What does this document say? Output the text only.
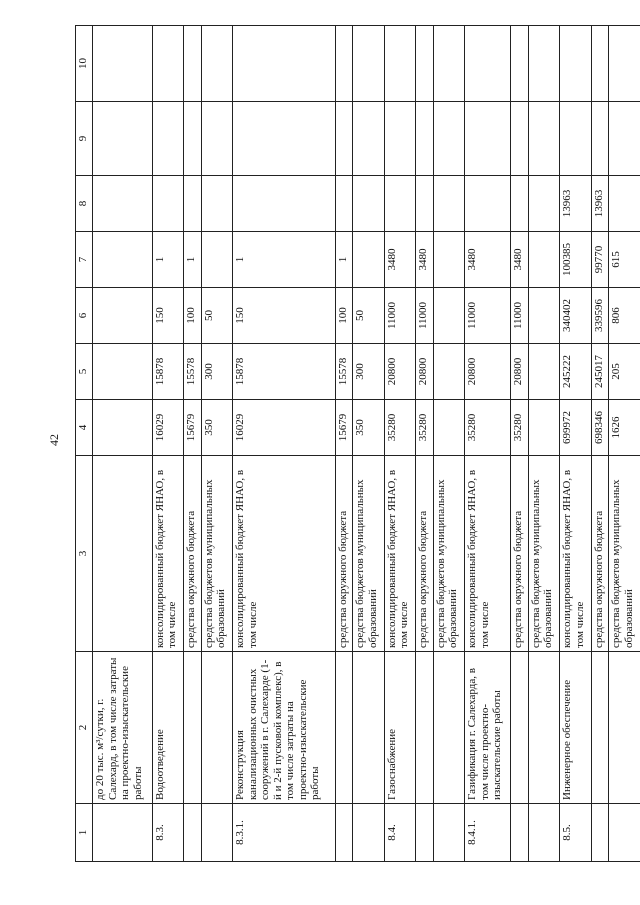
42
1	2	3	4	5	6	7	8	9	10
	до 20 тыс. м³/сутки, г. Салехард, в том числе затраты на проектно-изыскательские работы								
8.3.	Водоотведение	консолидированный бюджет ЯНАО, в том числе	16029	15878	150	1			
		средства окружного бюджета	15679	15578	100	1			
		средства бюджетов муниципальных образований	350	300	50				
8.3.1.	Реконструкция канализационных очистных сооружений в г. Салехарде (1-й и 2-й пусковой комплекс), в том числе затраты на проектно-изыскательские работы	консолидированный бюджет ЯНАО, в том числе	16029	15878	150	1			
		средства окружного бюджета	15679	15578	100	1			
		средства бюджетов муниципальных образований	350	300	50				
8.4.	Газоснабжение	консолидированный бюджет ЯНАО, в том числе	35280	20800	11000	3480			
		средства окружного бюджета	35280	20800	11000	3480			
		средства бюджетов муниципальных образований							
8.4.1.	Газификация г. Салехарда, в том числе проектно-изыскательские работы	консолидированный бюджет ЯНАО, в том числе	35280	20800	11000	3480			
		средства окружного бюджета	35280	20800	11000	3480			
		средства бюджетов муниципальных образований							
8.5.	Инженерное обеспечение	консолидированный бюджет ЯНАО, в том числе	699972	245222	340402	100385	13963		
		средства окружного бюджета	698346	245017	339596	99770	13963		
		средства бюджетов муниципальных образований	1626	205	806	615			
